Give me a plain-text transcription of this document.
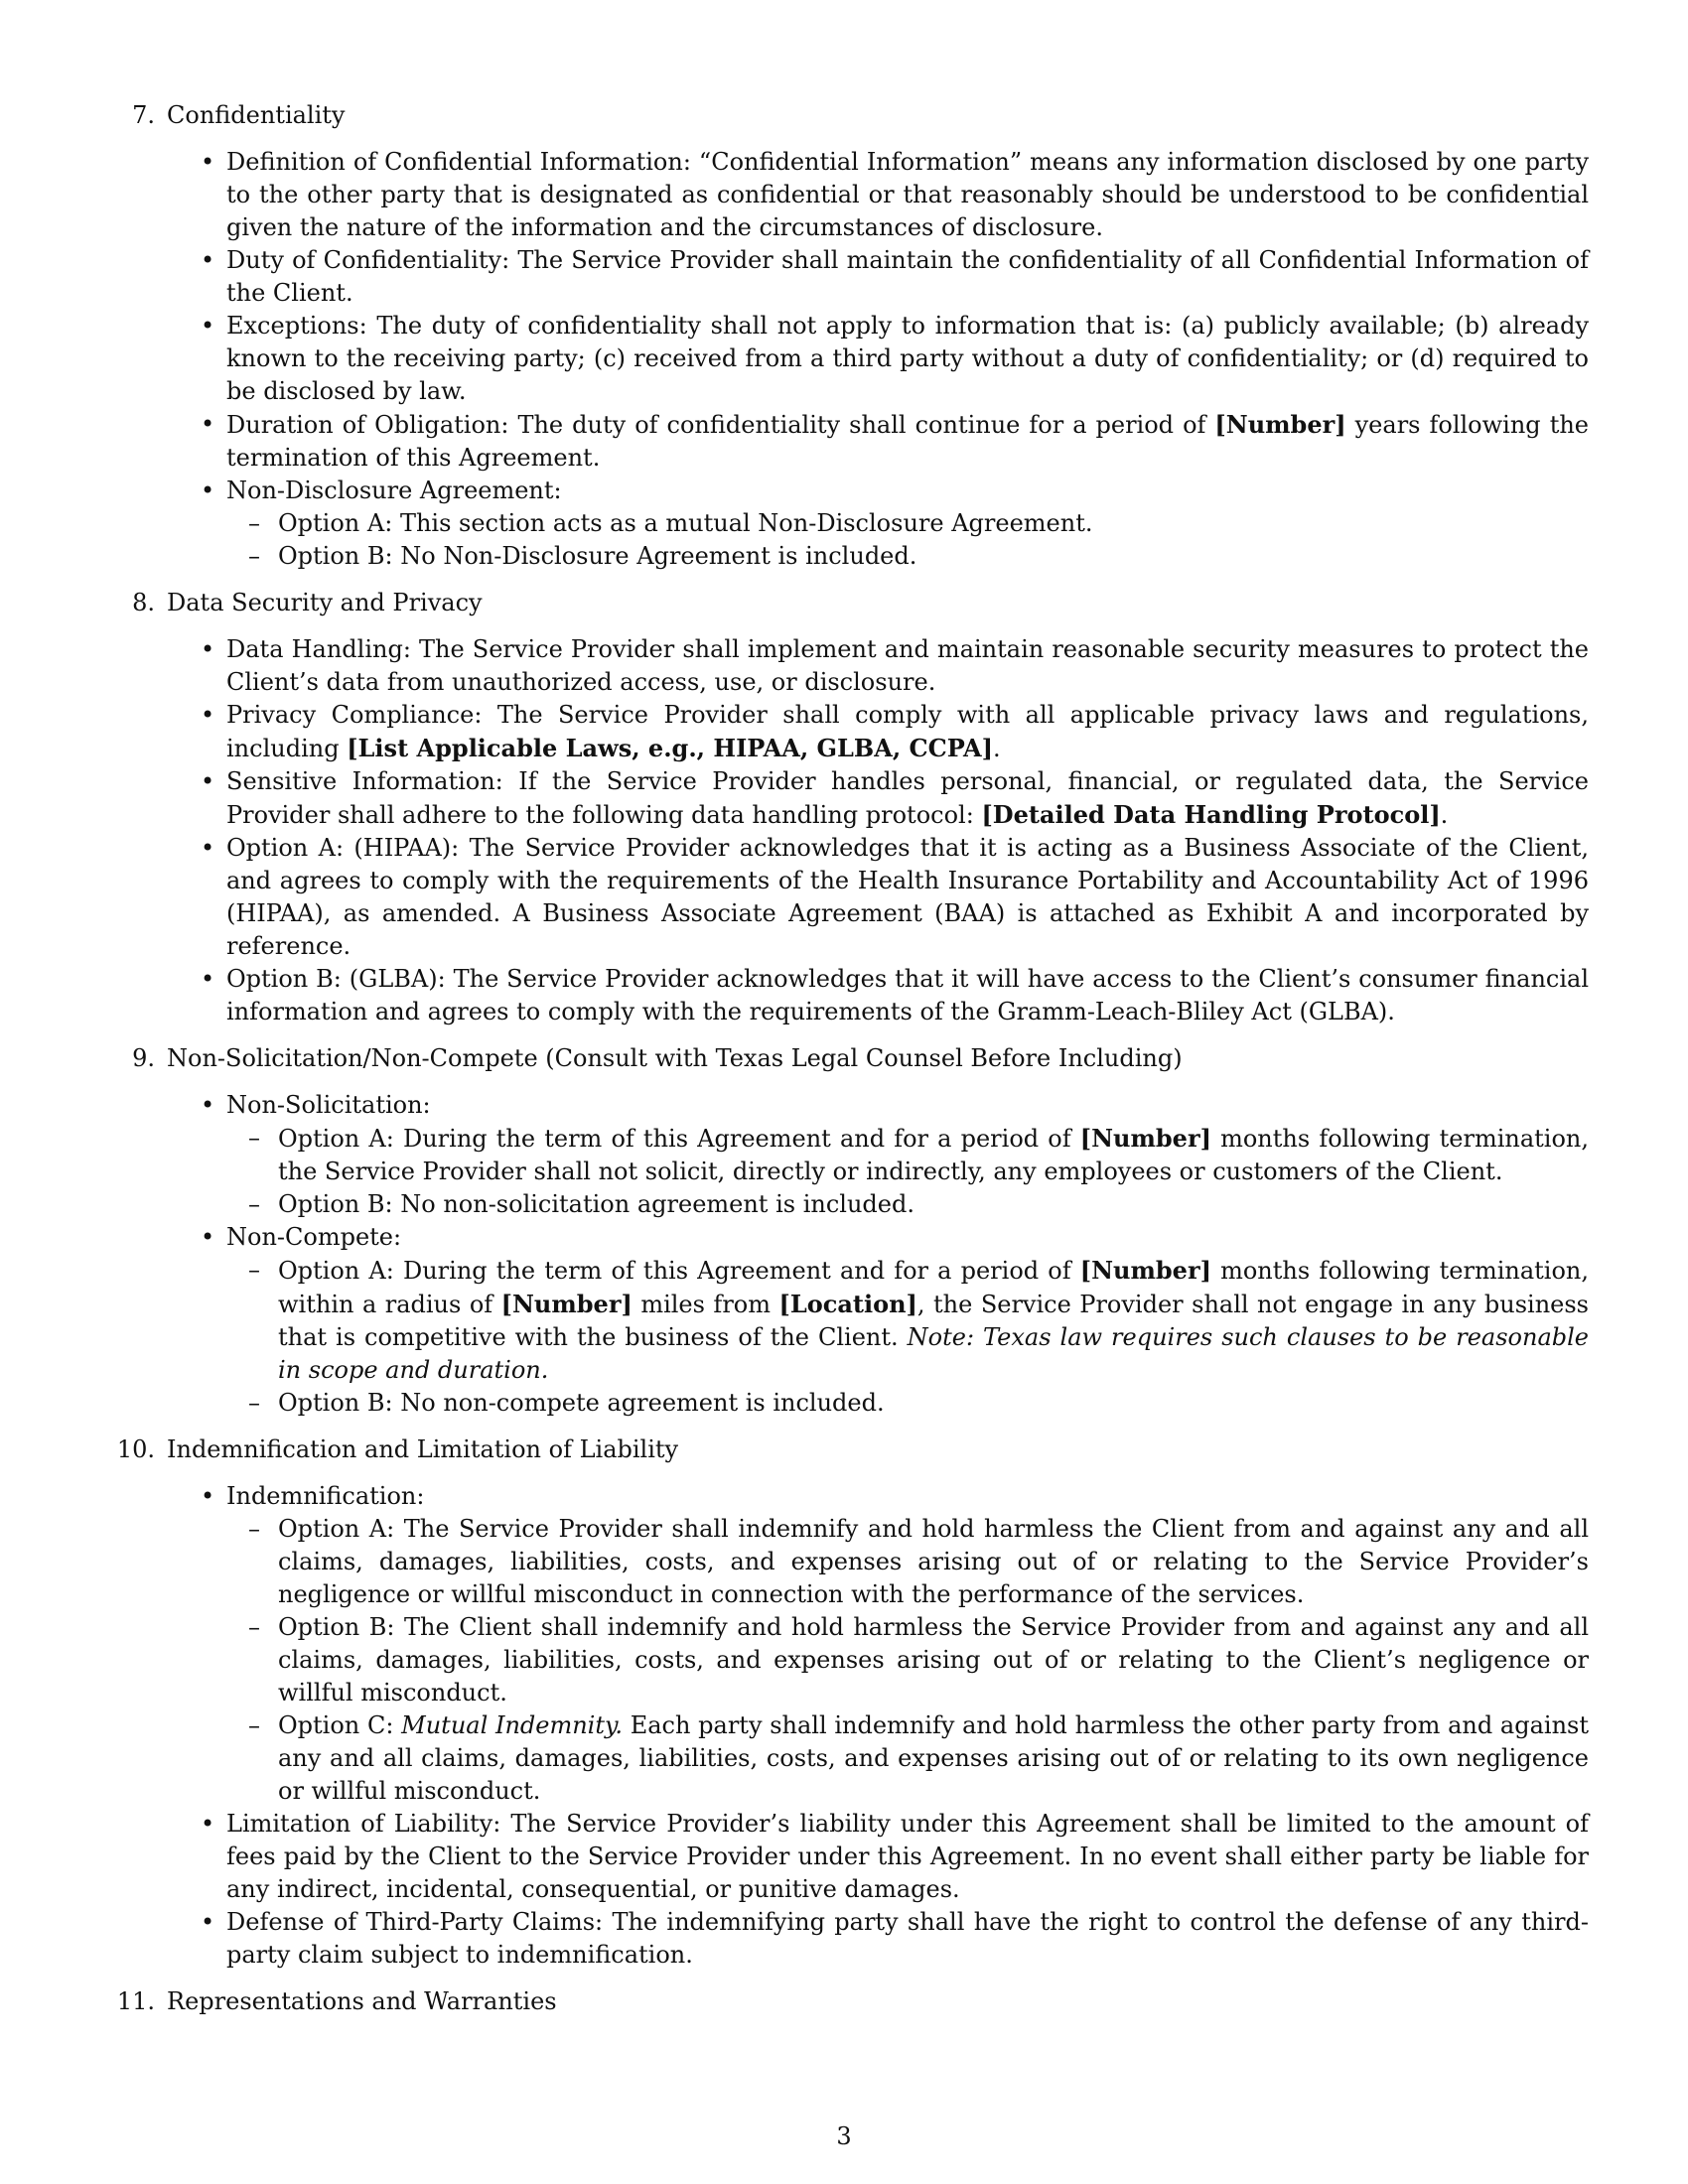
7. Confidentiality
• Definition of Confidential Information: “Confidential Information” means any information disclosed by one party to the other party that is designated as confidential or that reasonably should be understood to be confidential given the nature of the information and the circumstances of disclosure.
• Duty of Confidentiality: The Service Provider shall maintain the confidentiality of all Confidential Information of the Client.
• Exceptions: The duty of confidentiality shall not apply to information that is: (a) publicly available; (b) already known to the receiving party; (c) received from a third party without a duty of confidentiality; or (d) required to be disclosed by law.
• Duration of Obligation: The duty of confidentiality shall continue for a period of [Number] years following the termination of this Agreement.
• Non-Disclosure Agreement:
– Option A: This section acts as a mutual Non-Disclosure Agreement.
– Option B: No Non-Disclosure Agreement is included.
8. Data Security and Privacy
• Data Handling: The Service Provider shall implement and maintain reasonable security measures to protect the Client’s data from unauthorized access, use, or disclosure.
• Privacy Compliance: The Service Provider shall comply with all applicable privacy laws and regulations, including [List Applicable Laws, e.g., HIPAA, GLBA, CCPA].
• Sensitive Information: If the Service Provider handles personal, financial, or regulated data, the Service Provider shall adhere to the following data handling protocol: [Detailed Data Handling Protocol].
• Option A: (HIPAA): The Service Provider acknowledges that it is acting as a Business Associate of the Client, and agrees to comply with the requirements of the Health Insurance Portability and Accountability Act of 1996 (HIPAA), as amended. A Business Associate Agreement (BAA) is attached as Exhibit A and incorporated by reference.
• Option B: (GLBA): The Service Provider acknowledges that it will have access to the Client’s consumer financial information and agrees to comply with the requirements of the Gramm-Leach-Bliley Act (GLBA).
9. Non-Solicitation/Non-Compete (Consult with Texas Legal Counsel Before Including)
• Non-Solicitation:
– Option A: During the term of this Agreement and for a period of [Number] months following termination, the Service Provider shall not solicit, directly or indirectly, any employees or customers of the Client.
– Option B: No non-solicitation agreement is included.
• Non-Compete:
– Option A: During the term of this Agreement and for a period of [Number] months following termination, within a radius of [Number] miles from [Location], the Service Provider shall not engage in any business that is competitive with the business of the Client. Note: Texas law requires such clauses to be reasonable in scope and duration.
– Option B: No non-compete agreement is included.
10. Indemnification and Limitation of Liability
• Indemnification:
– Option A: The Service Provider shall indemnify and hold harmless the Client from and against any and all claims, damages, liabilities, costs, and expenses arising out of or relating to the Service Provider’s negligence or willful misconduct in connection with the performance of the services.
– Option B: The Client shall indemnify and hold harmless the Service Provider from and against any and all claims, damages, liabilities, costs, and expenses arising out of or relating to the Client’s negligence or willful misconduct.
– Option C: Mutual Indemnity. Each party shall indemnify and hold harmless the other party from and against any and all claims, damages, liabilities, costs, and expenses arising out of or relating to its own negligence or willful misconduct.
• Limitation of Liability: The Service Provider’s liability under this Agreement shall be limited to the amount of fees paid by the Client to the Service Provider under this Agreement. In no event shall either party be liable for any indirect, incidental, consequential, or punitive damages.
• Defense of Third-Party Claims: The indemnifying party shall have the right to control the defense of any third-party claim subject to indemnification.
11. Representations and Warranties
3
